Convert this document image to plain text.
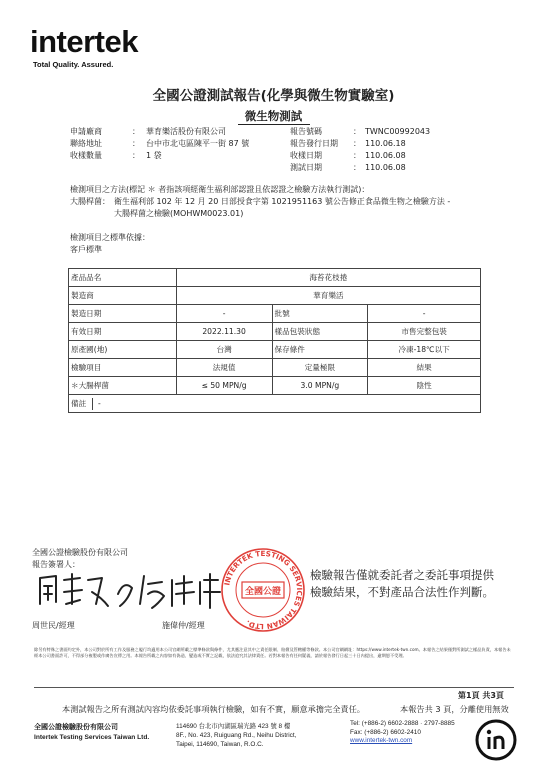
intertek
Total Quality. Assured.
全國公證測試報告(化學與微生物實驗室)
微生物測試
申請廠商	： 華育樂活股份有限公司
聯絡地址	： 台中市北屯區陳平一街 87 號
收樣數量	： 1 袋
報告號碼	： TWNC00992043
報告發行日期 ： 110.06.18
收樣日期	： 110.06.08
測試日期	： 110.06.08
檢測項目之方法(標記 ＊ 者指該項經衛生福利部認證且依認證之檢驗方法執行測試)：
大腸桿菌： 衛生福利部 102 年 12 月 20 日部授食字第 1021951163 號公告修正食品微生物之檢驗方法 -
大腸桿菌之檢驗(MOHWM0023.01)
檢測項目之標準依據：
客戶標準
產品品名	海苔花枝捲		
製造商	華育樂活		
製造日期	-	批號	-
有效日期	2022.11.30	樣品包裝狀態	市售完整包裝
原產國(地)	台灣	保存條件	冷凍-18℃以下
檢驗項目	法規值	定量極限	結果
＊大腸桿菌	≤ 50 MPN/g	3.0 MPN/g	陰性
備註 -			
全國公證檢驗股份有限公司
報告簽署人：
INTERTEK TESTING SERVICES TAIWAN LTD.
全國公證
檢驗報告僅就委託者之委託事項提供
檢驗結果，不對產品合法性作判斷。
周世民/經理	施偉仲/經理
除另有特殊之書面約定外，本公司對於所有工作及服務之履行均適用本公司官網所載之標準條款與條件，尤其應注意其中之責任限制、賠償及管轄權等條款。本公司官網網址：https://www.intertek-twn.com。本報告之結果僅對所測試之樣品負責，本報告未經本公司書面許可，不得部分複製或作廣告宣傳之用。本報告所載之內容如有偽造、變造或不實之記載，依法追究其法律責任。若對本報告有任何疑義，請於報告發行日起三十日內提出，逾期恕不受理。
第1頁 共3頁
本測試報告之所有測試內容均依委託事項執行檢驗，如有不實，願意承擔完全責任。	本報告共 3 頁，分離使用無效
全國公證檢驗股份有限公司
Intertek Testing Services Taiwan Ltd.
114690 台北市內湖區瑞光路 423 號 8 樓
8F., No. 423, Ruiguang Rd., Neihu District,
Taipei, 114690, Taiwan, R.O.C.
Tel: (+886-2) 6602-2888 · 2797-8885
Fax: (+886-2) 6602-2410
www.intertek-twn.com
